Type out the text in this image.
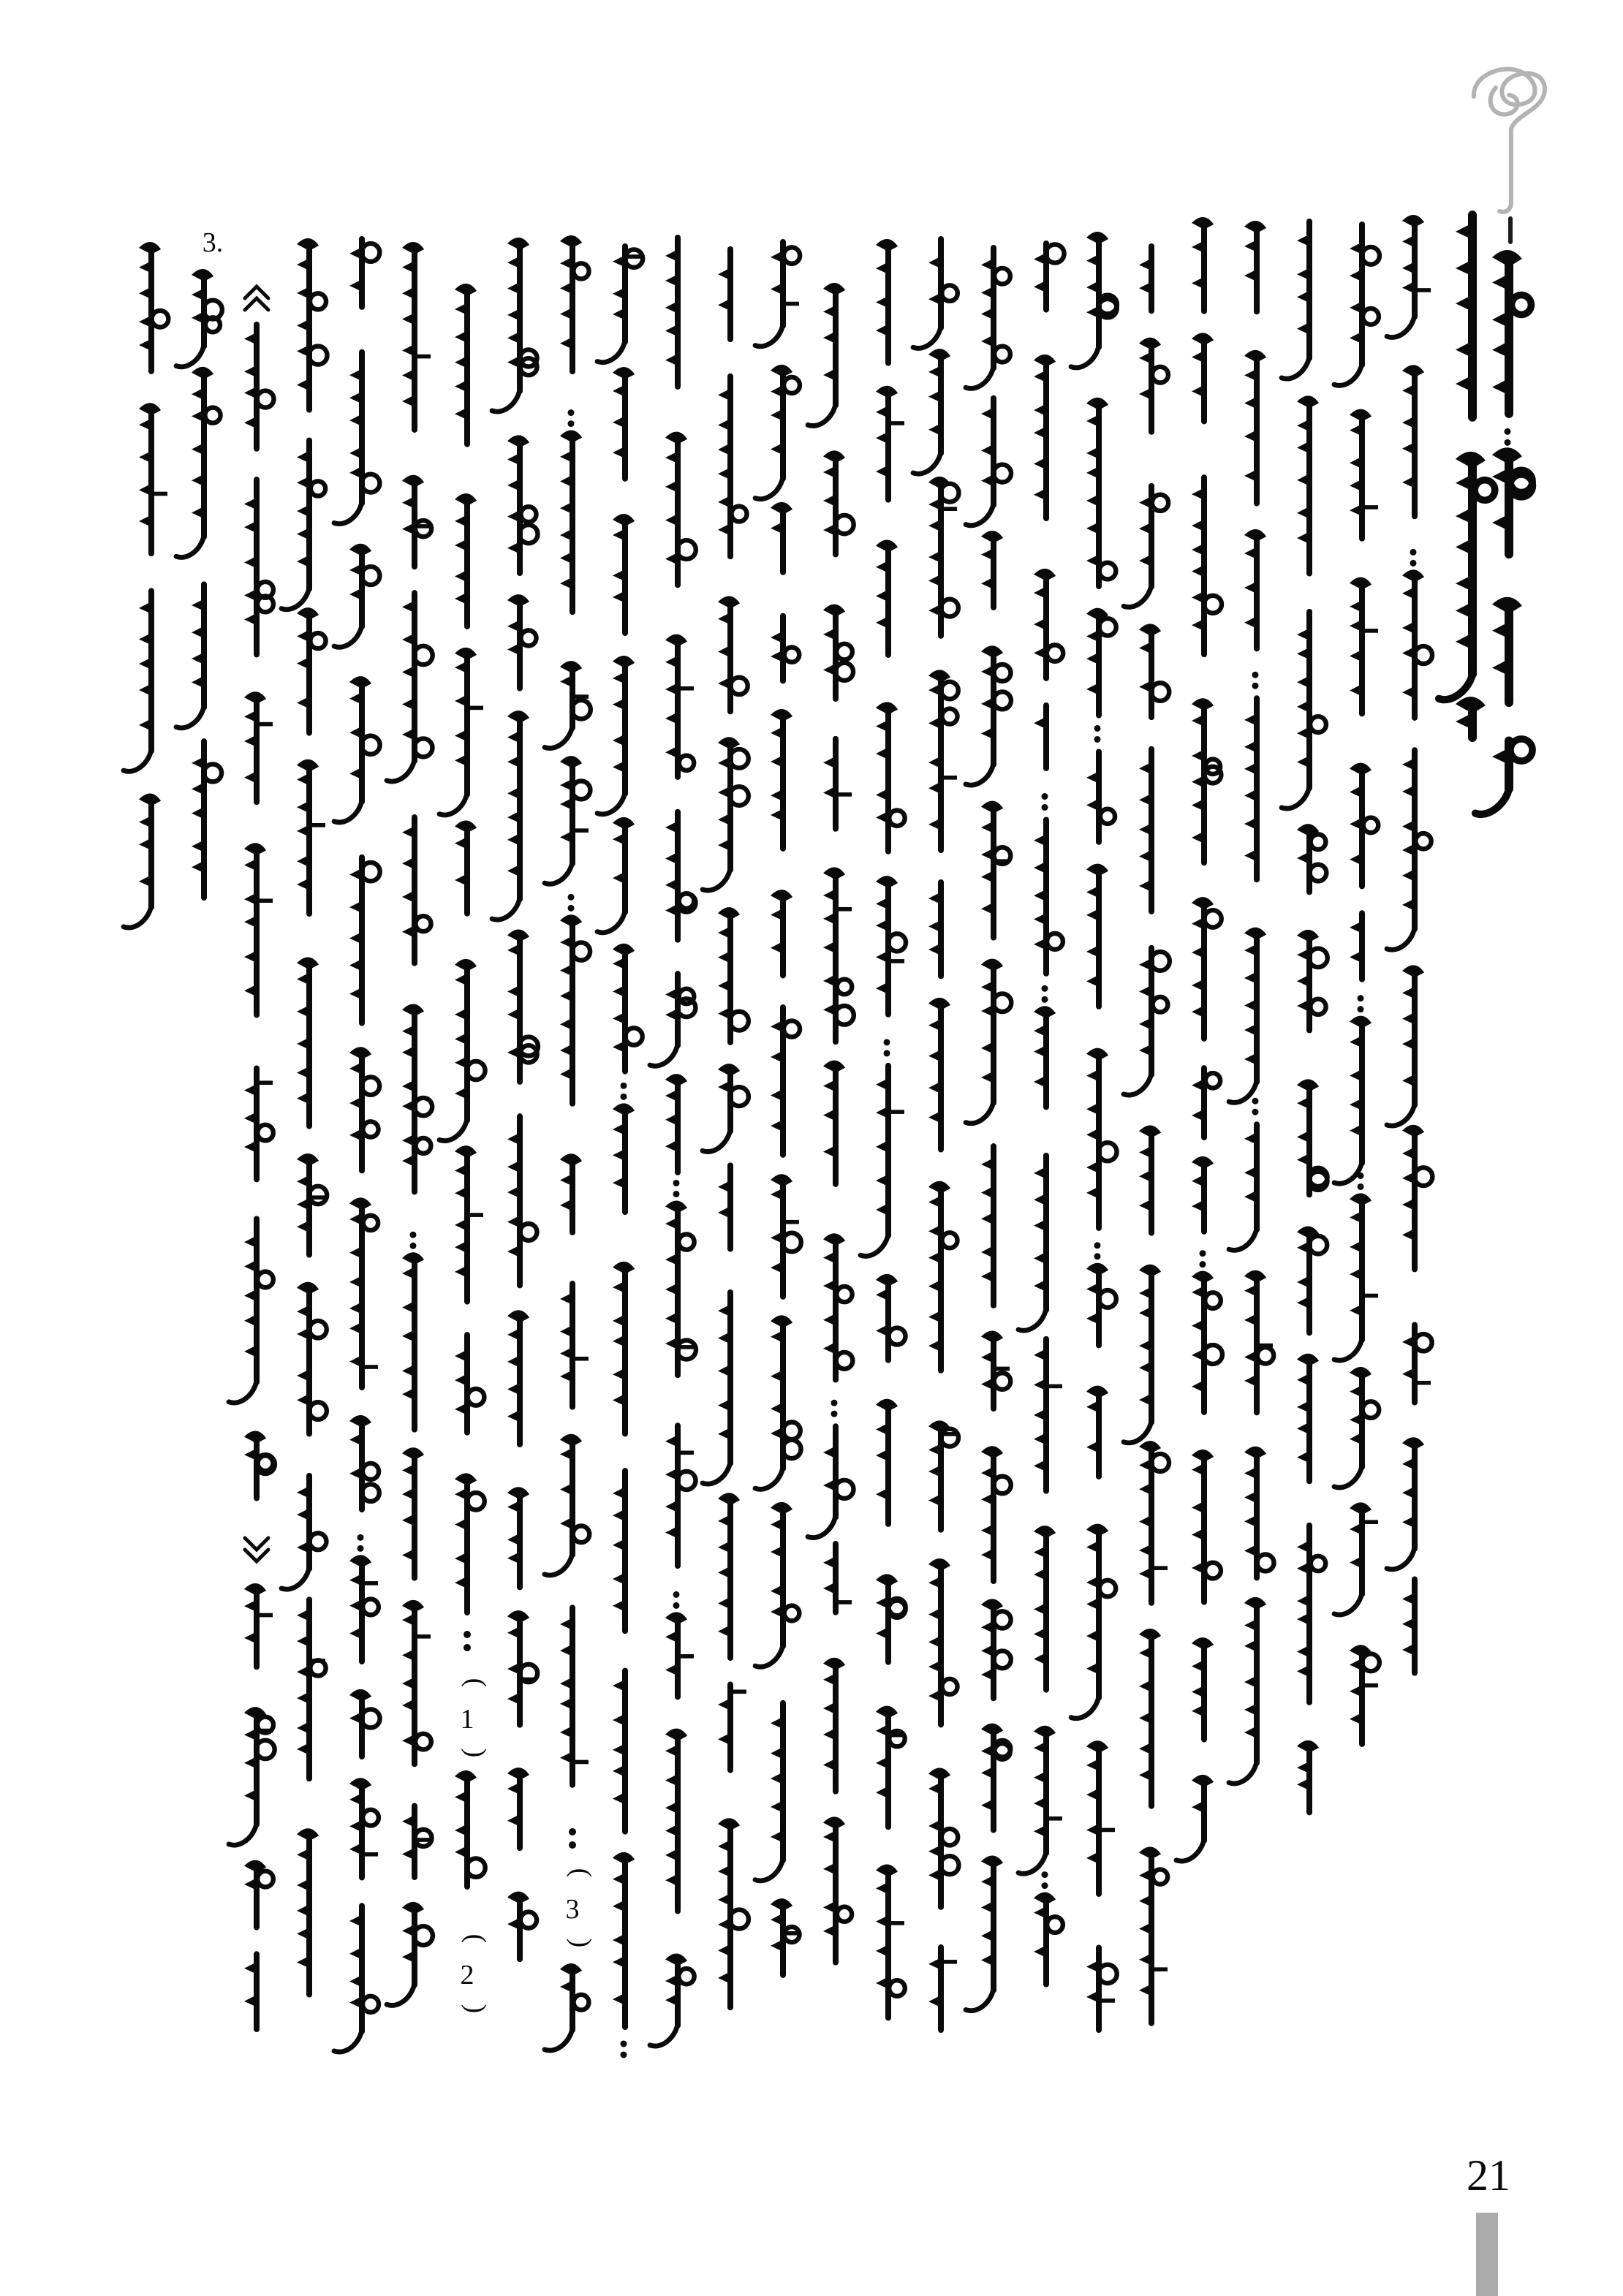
3.
(
1
)
(
2
)
(
3
)
21
